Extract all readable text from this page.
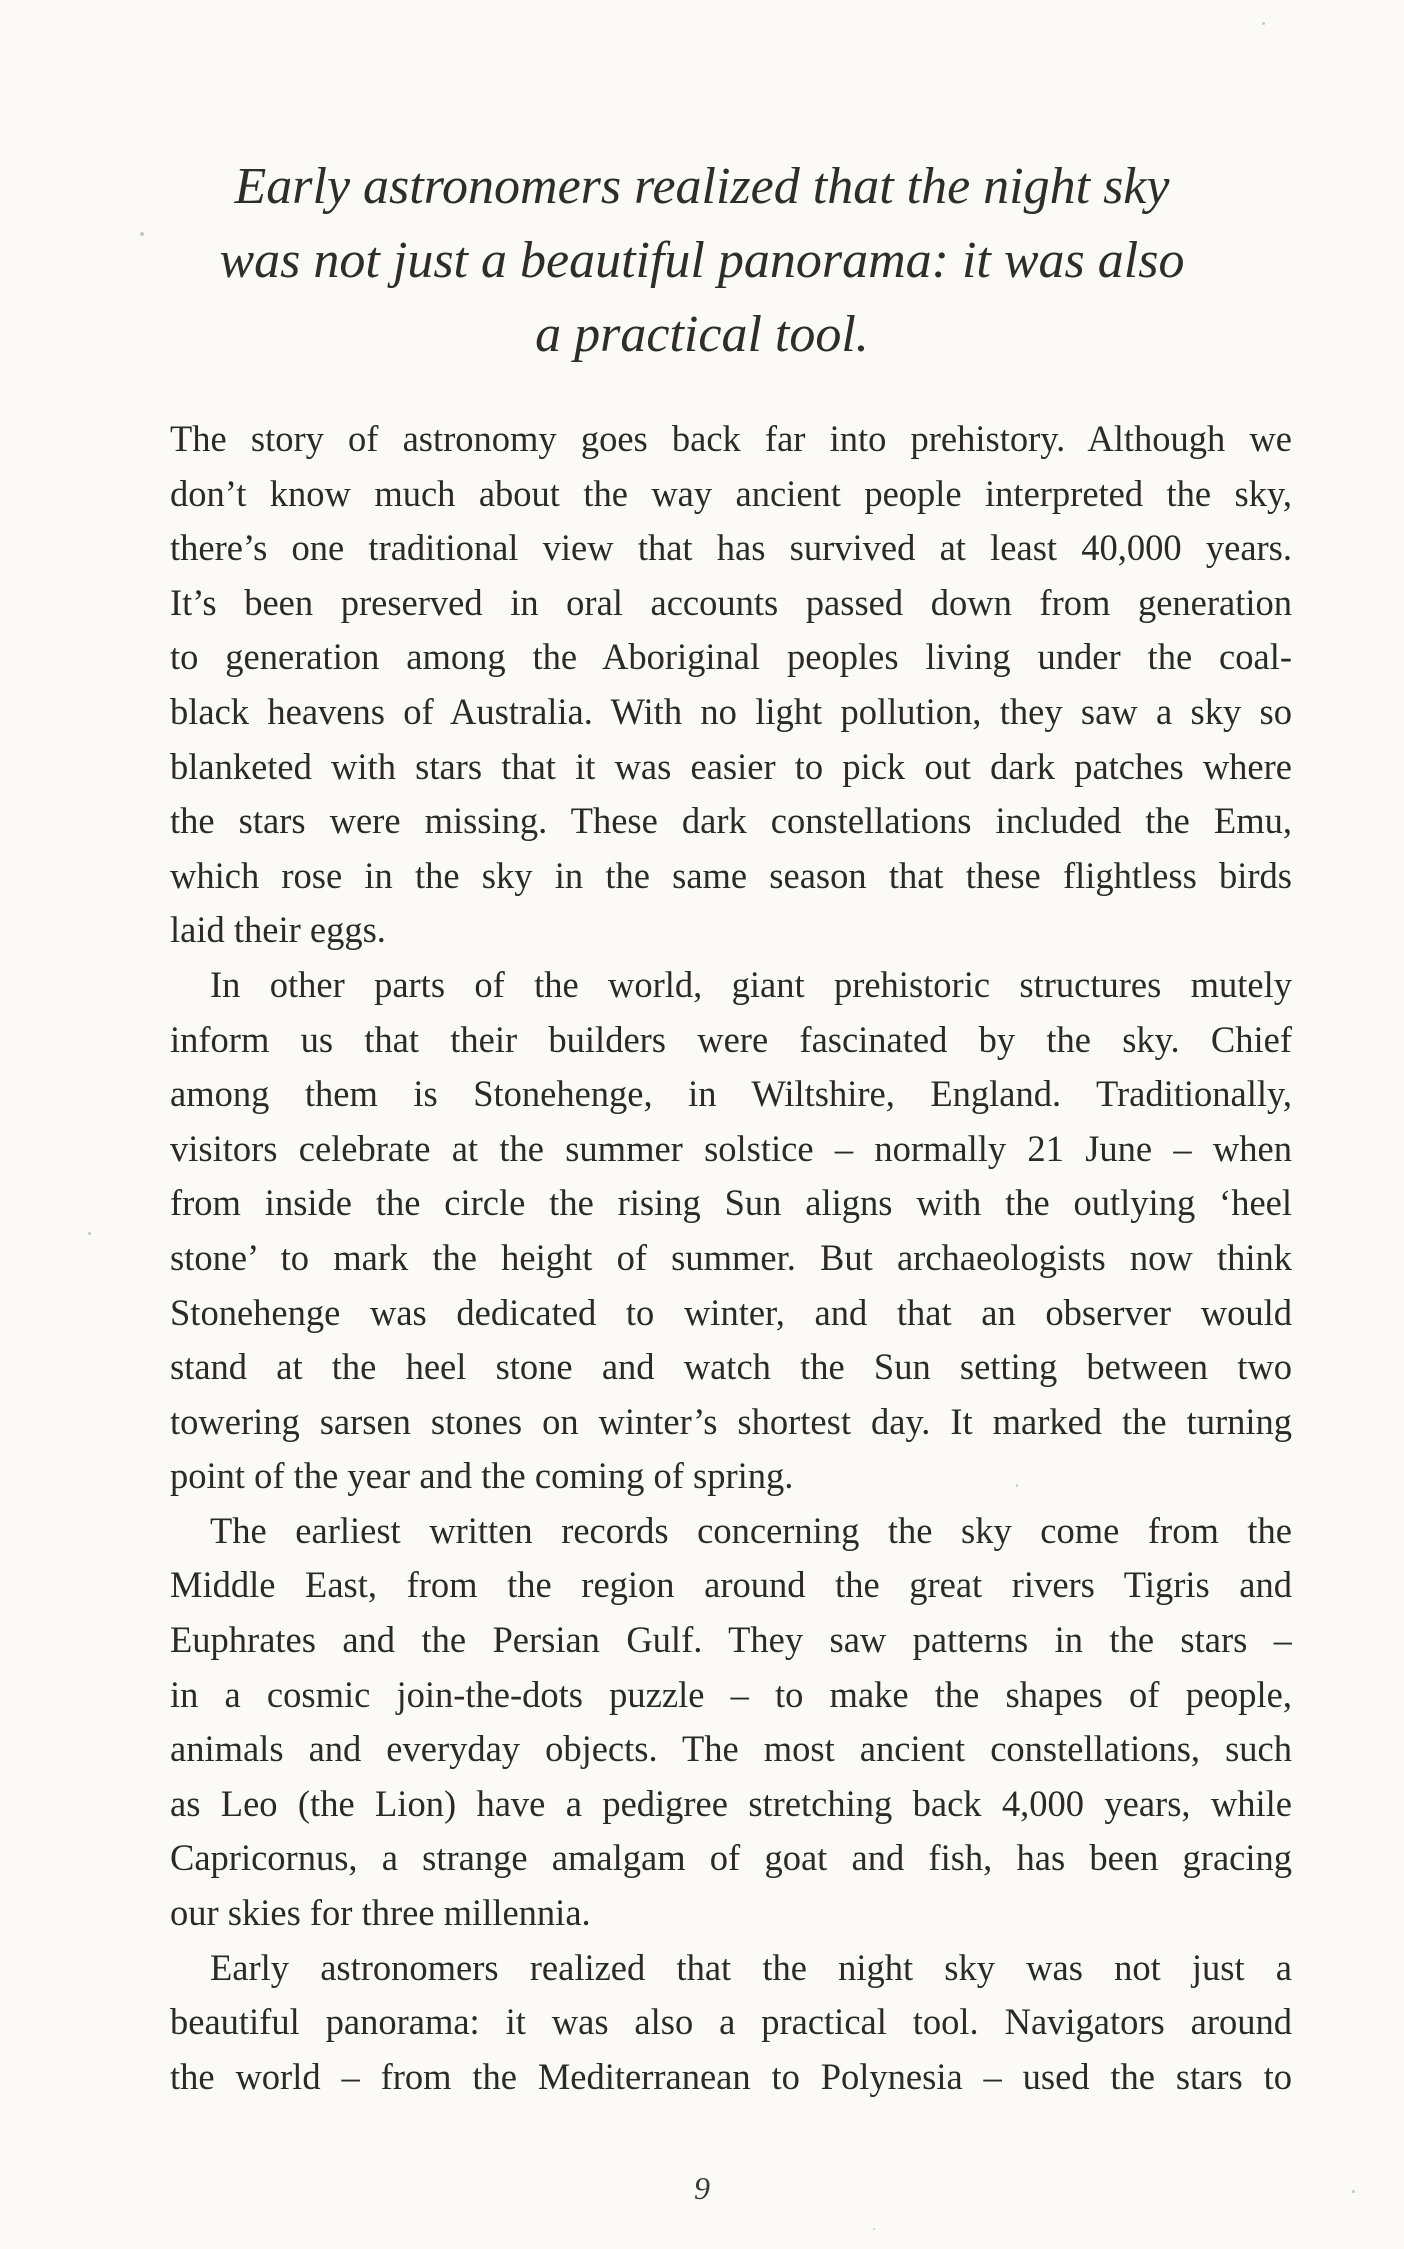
Early astronomers realized that the night sky
was not just a beautiful panorama: it was also
a practical tool.
The story of astronomy goes back far into prehistory. Although we
don’t know much about the way ancient people interpreted the sky,
there’s one traditional view that has survived at least 40,000 years.
It’s been preserved in oral accounts passed down from generation
to generation among the Aboriginal peoples living under the coal-
black heavens of Australia. With no light pollution, they saw a sky so
blanketed with stars that it was easier to pick out dark patches where
the stars were missing. These dark constellations included the Emu,
which rose in the sky in the same season that these flightless birds
laid their eggs.
In other parts of the world, giant prehistoric structures mutely
inform us that their builders were fascinated by the sky. Chief
among them is Stonehenge, in Wiltshire, England. Traditionally,
visitors celebrate at the summer solstice – normally 21 June – when
from inside the circle the rising Sun aligns with the outlying ‘heel
stone’ to mark the height of summer. But archaeologists now think
Stonehenge was dedicated to winter, and that an observer would
stand at the heel stone and watch the Sun setting between two
towering sarsen stones on winter’s shortest day. It marked the turning
point of the year and the coming of spring.
The earliest written records concerning the sky come from the
Middle East, from the region around the great rivers Tigris and
Euphrates and the Persian Gulf. They saw patterns in the stars –
in a cosmic join-the-dots puzzle – to make the shapes of people,
animals and everyday objects. The most ancient constellations, such
as Leo (the Lion) have a pedigree stretching back 4,000 years, while
Capricornus, a strange amalgam of goat and fish, has been gracing
our skies for three millennia.
Early astronomers realized that the night sky was not just a
beautiful panorama: it was also a practical tool. Navigators around
the world – from the Mediterranean to Polynesia – used the stars to
9
